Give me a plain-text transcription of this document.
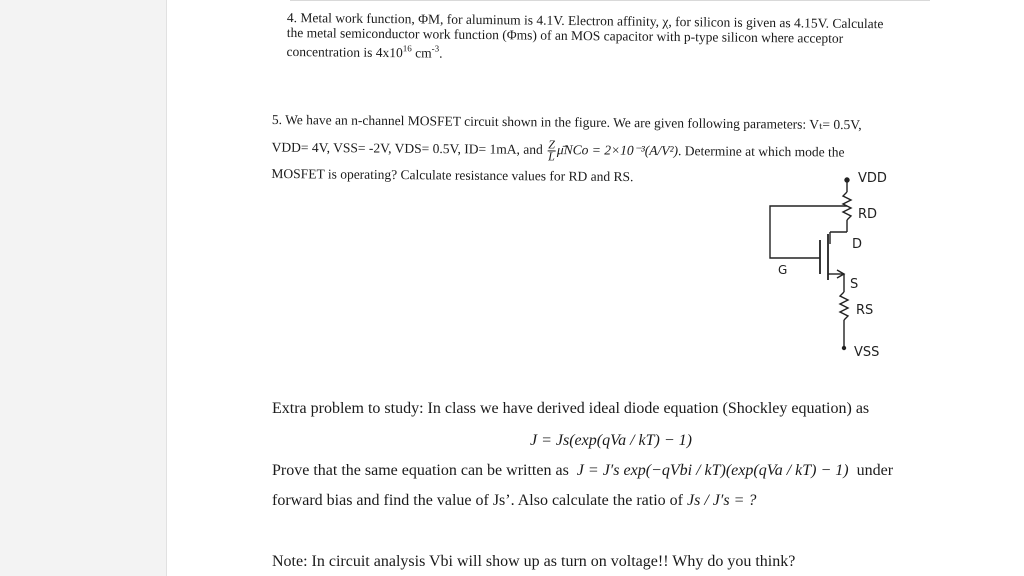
4. Metal work function, ΦM, for aluminum is 4.1V. Electron affinity, χ, for silicon is given as 4.15V. Calculate
the metal semiconductor work function (Φms) of an MOS capacitor with p-type silicon where acceptor
concentration is $4x10^{16}$ $cm^{-3}$.
5. We have an n-channel MOSFET circuit shown in the figure. We are given following parameters: Vₜ= 0.5V,
VDD= 4V, VSS= -2V, VDS= 0.5V, ID= 1mA, and $\frac{Z}{L}$ μ̄NCo = 2×10⁻³(A/V²). Determine at which mode the
MOSFET is operating? Calculate resistance values for RD and RS.	VDD
RD
D
G
S
RS
VSS
Extra problem to study: In class we have derived ideal diode equation (Shockley equation) as
J = Js(exp(qVa / kT) − 1)
Prove that the same equation can be written as J = J′s exp(−qVbi / kT)(exp(qVa / kT) − 1) under
forward bias and find the value of Js’. Also calculate the ratio of Js / J′s = ?
Note: In circuit analysis Vbi will show up as turn on voltage!! Why do you think?
